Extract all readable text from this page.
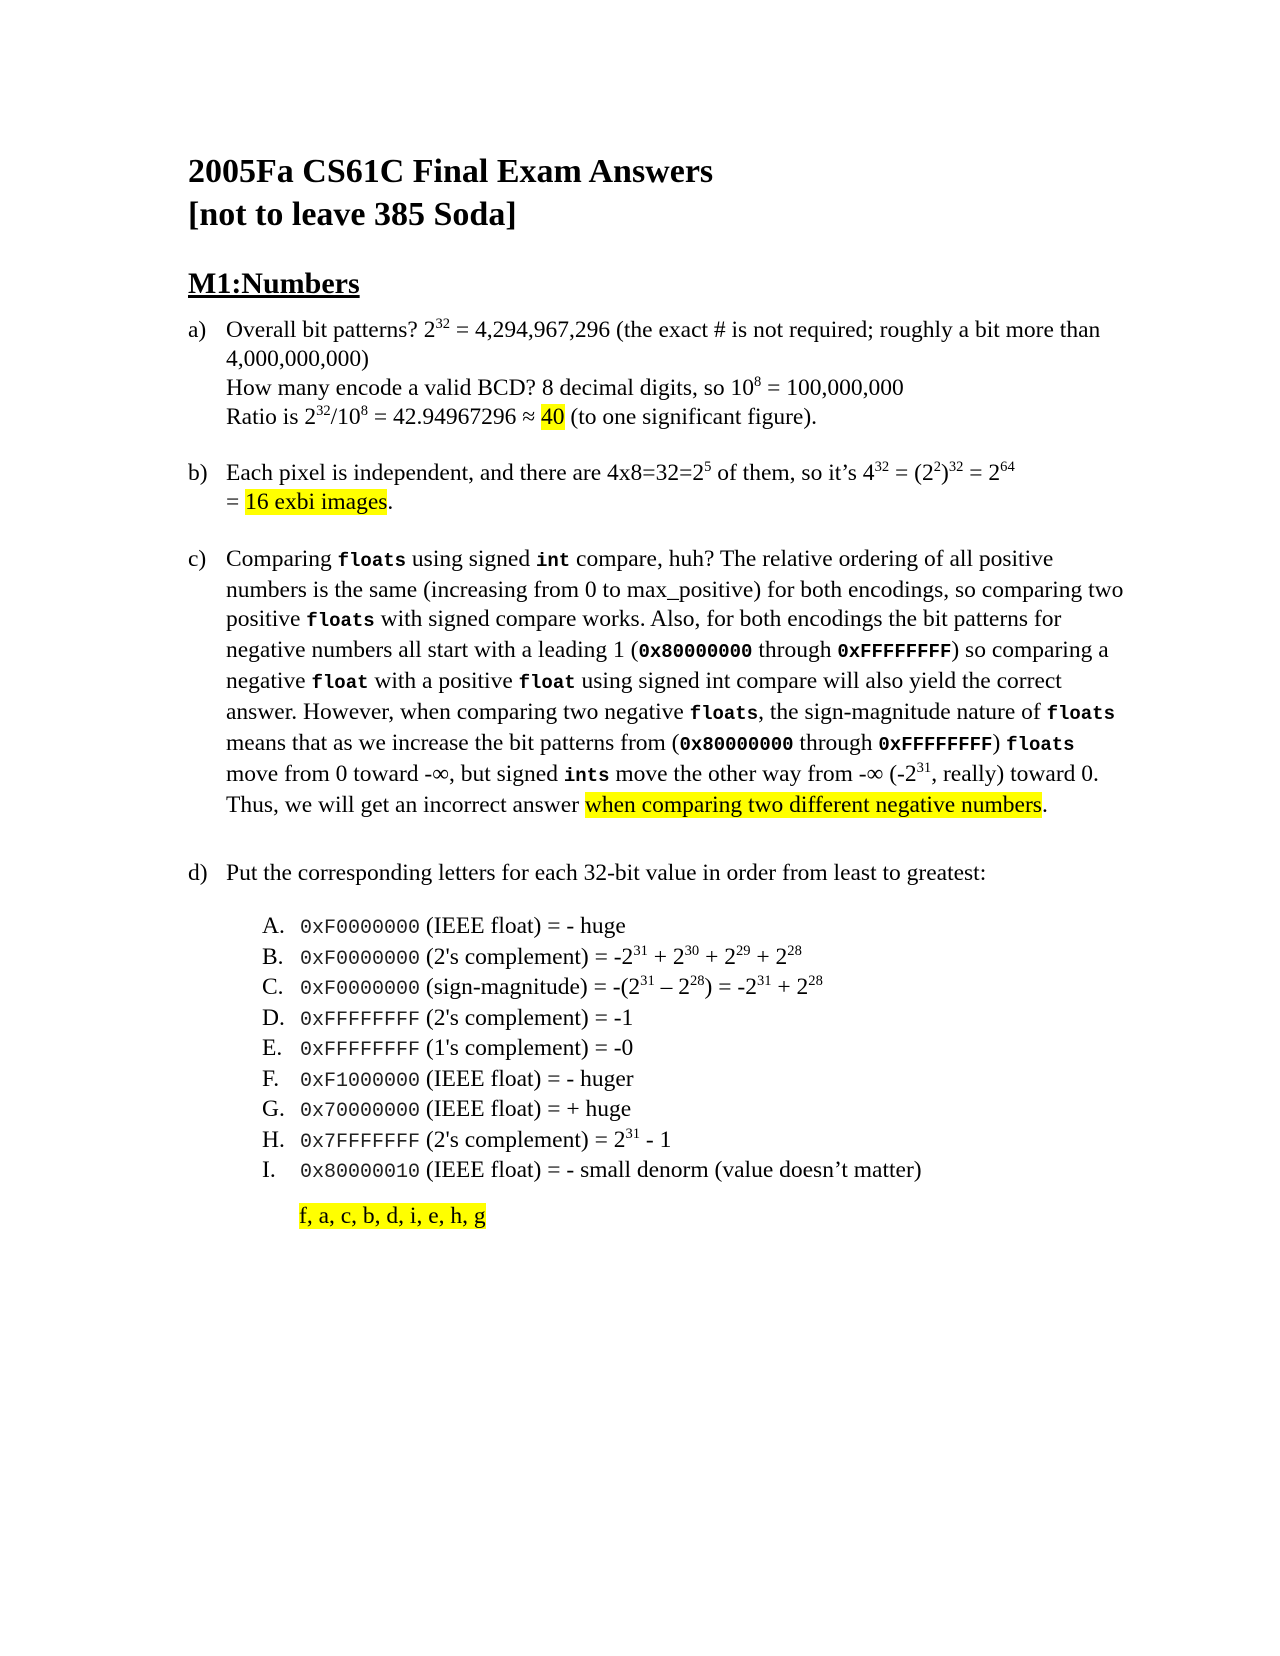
2005Fa CS61C Final Exam Answers
[not to leave 385 Soda]
M1:Numbers
a) Overall bit patterns? $2^{32} = 4,294,967,296$ (the exact # is not required; roughly a bit more than
4,000,000,000)
How many encode a valid BCD? 8 decimal digits, so $10^8 = 100,000,000$
Ratio is $2^{32}/10^8 = 42.94967296 \approx 40$ (to one significant figure).
b) Each pixel is independent, and there are $4x8=32=2^5$ of them, so it’s $4^{32} = (2^2)^{32} = 2^{64}$
= 16 exbi images.
c) Comparing floats using signed int compare, huh? The relative ordering of all positive
numbers is the same (increasing from 0 to max_positive) for both encodings, so comparing two
positive floats with signed compare works. Also, for both encodings the bit patterns for
negative numbers all start with a leading 1 (0x80000000 through 0xFFFFFFFF) so comparing a
negative float with a positive float using signed int compare will also yield the correct
answer. However, when comparing two negative floats, the sign-magnitude nature of floats
means that as we increase the bit patterns from (0x80000000 through 0xFFFFFFFF) floats
move from 0 toward -∞, but signed ints move the other way from -∞ ($-2^{31}$, really) toward 0.
Thus, we will get an incorrect answer when comparing two different negative numbers.
d) Put the corresponding letters for each 32-bit value in order from least to greatest:
A. 0xF0000000 (IEEE float) = - huge
B. 0xF0000000 (2's complement) = $-2^{31} + 2^{30} + 2^{29} + 2^{28}$
C. 0xF0000000 (sign-magnitude) = $-(2^{31} - 2^{28}) = -2^{31} + 2^{28}$
D. 0xFFFFFFFF (2's complement) = -1
E. 0xFFFFFFFF (1's complement) = -0
F. 0xF1000000 (IEEE float) = - huger
G. 0x70000000 (IEEE float) = + huge
H. 0x7FFFFFFF (2's complement) = $2^{31} - 1$
I. 0x80000010 (IEEE float) = - small denorm (value doesn’t matter)
f, a, c, b, d, i, e, h, g
